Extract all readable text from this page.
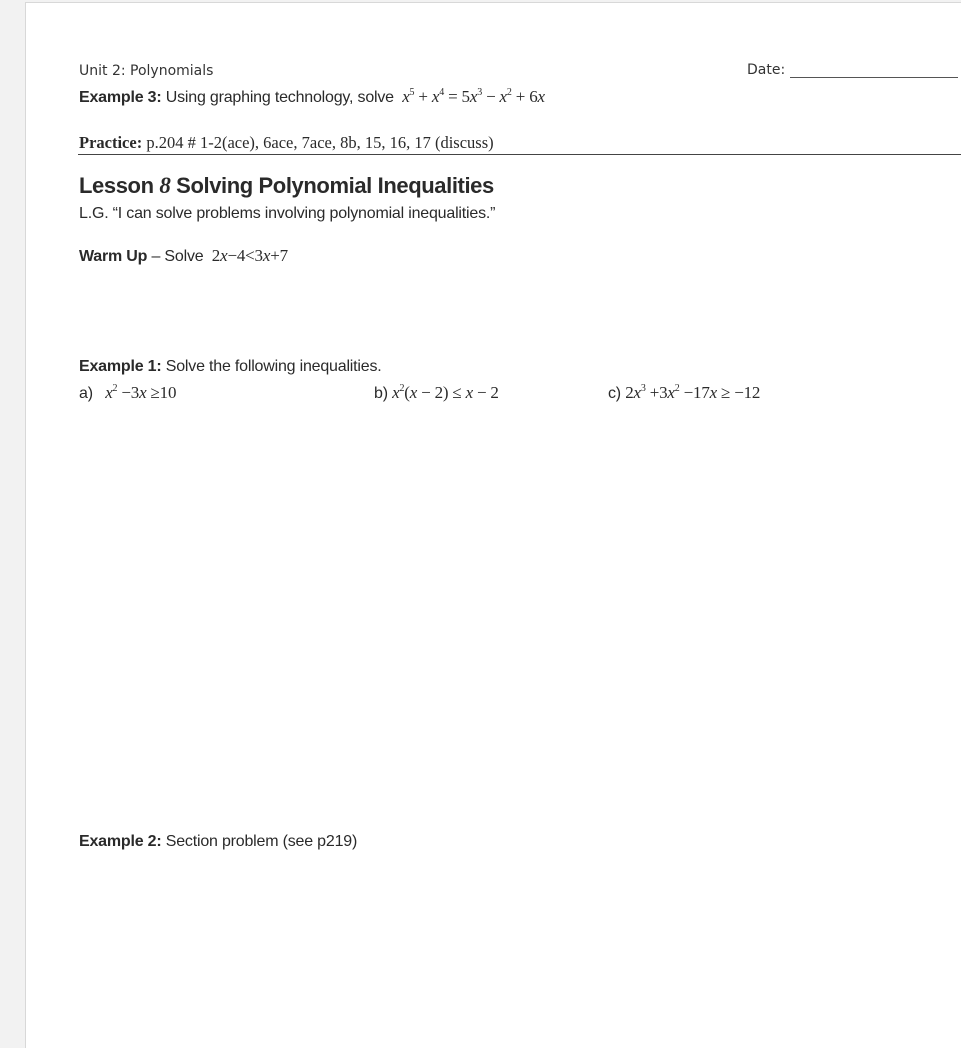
Unit 2: Polynomials	Date:
Example 3: Using graphing technology, solve $x^5 + x^4 = 5x^3 - x^2 + 6x$
Practice: p.204 # 1-2(ace), 6ace, 7ace, 8b, 15, 16, 17 (discuss)
Lesson 8 Solving Polynomial Inequalities
L.G. “I can solve problems involving polynomial inequalities.”
Warm Up – Solve 2x−4<3x+7
Example 1: Solve the following inequalities.
a) $x^2 -3x \ge 10$	b) $x^2(x - 2) \le x - 2$	c) $2x^3 +3x^2 -17x \ge -12$
Example 2: Section problem (see p219)
